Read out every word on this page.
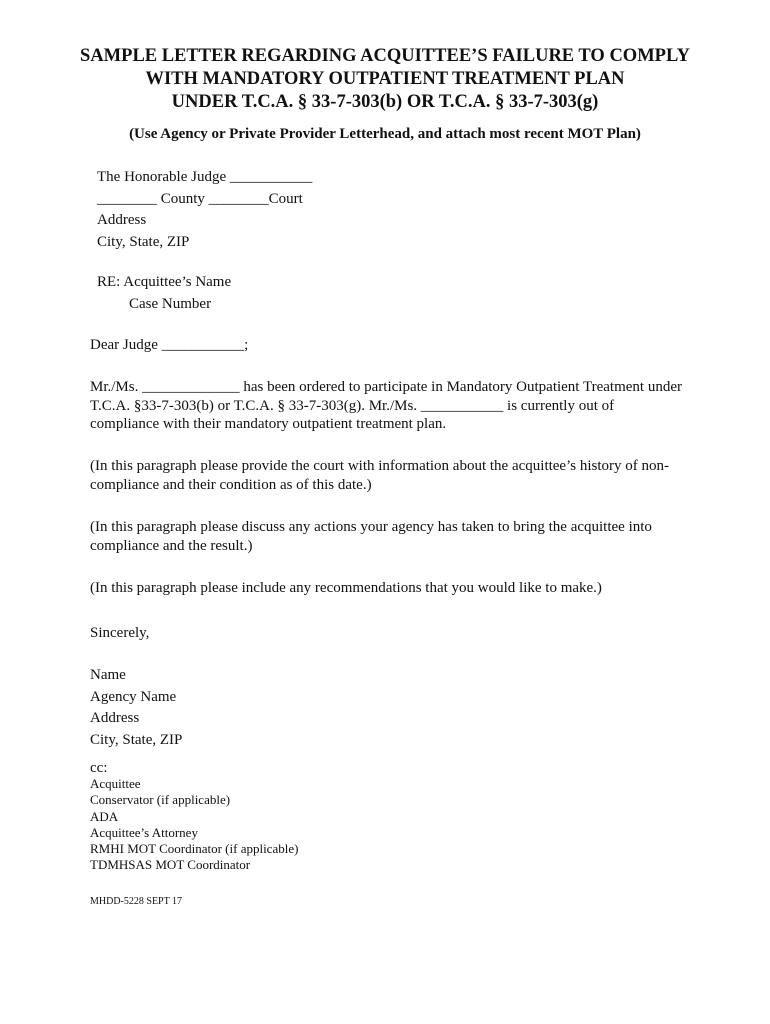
SAMPLE LETTER REGARDING ACQUITTEE’S FAILURE TO COMPLY
WITH MANDATORY OUTPATIENT TREATMENT PLAN
UNDER T.C.A. § 33-7-303(b) OR T.C.A. § 33-7-303(g)
(Use Agency or Private Provider Letterhead, and attach most recent MOT Plan)
The Honorable Judge ___________
________ County ________Court
Address
City, State, ZIP
RE: Acquittee’s Name
Case Number
Dear Judge ___________;
Mr./Ms. _____________ has been ordered to participate in Mandatory Outpatient Treatment under
T.C.A. §33-7-303(b) or T.C.A. § 33-7-303(g). Mr./Ms. ___________ is currently out of
compliance with their mandatory outpatient treatment plan.
(In this paragraph please provide the court with information about the acquittee’s history of non-
compliance and their condition as of this date.)
(In this paragraph please discuss any actions your agency has taken to bring the acquittee into
compliance and the result.)
(In this paragraph please include any recommendations that you would like to make.)
Sincerely,
Name
Agency Name
Address
City, State, ZIP
cc:
Acquittee
Conservator (if applicable)
ADA
Acquittee’s Attorney
RMHI MOT Coordinator (if applicable)
TDMHSAS MOT Coordinator
MHDD-5228 SEPT 17
